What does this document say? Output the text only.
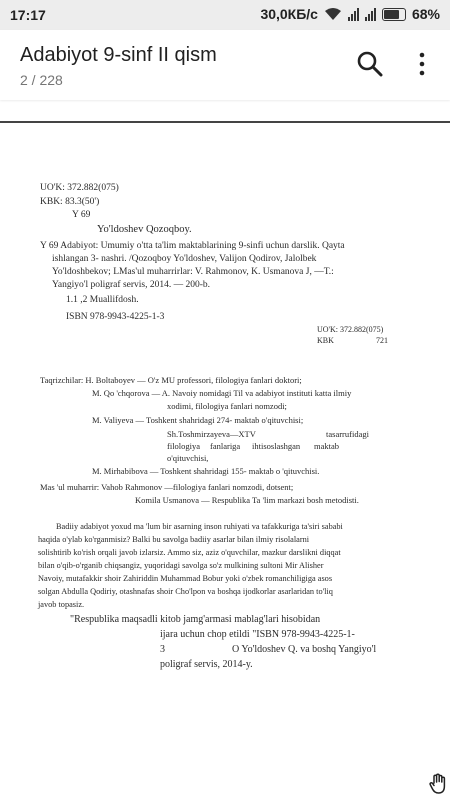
17:17	30,0КБ/с	68%
Adabiyot 9-sinf II qism
2 / 228
UO'K: 372.882(075)
KBK: 83.3(50')
Y 69
Yo'ldoshev Qozoqboy.
Y 69 Adabiyot: Umumiy o'tta ta'lim maktablarining 9-sinfi uchun darslik. Qayta
ishlangan 3- nashri. /Qozoqboy Yo'ldoshev, Valijon Qodirov, Jalolbek
Yo'ldoshbekov; LMas'ul muharrirlar: V. Rahmonov, K. Usmanova J, —T.:
Yangiyo'l poligraf servis, 2014. — 200-b.
1.1 ,2 Muallifdosh.
ISBN 978-9943-4225-1-3
UO'K: 372.882(075)
KBK	721
Taqrizchilar: H. Boltaboyev — O'z MU professori, filologiya fanlari doktori;
M. Qo 'chqorova — A. Navoiy nomidagi Til va adabiyot instituti katta ilmiy
xodimi, filologiya fanlari nomzodi;
M. Valiyeva — Toshkent shahridagi 274- maktab o'qituvchisi;
Sh.Toshmirzayeva—XTV	tasarrufidagi
filologiya fanlariga ihtisoslashgan maktab
o'qituvchisi,
M. Mirhabibova — Toshkent shahridagi 155- maktab o 'qituvchisi.
Mas 'ul muharrir: Vahob Rahmonov —filologiya fanlari nomzodi, dotsent;
Komila Usmanova — Respublika Ta 'lim markazi bosh metodisti.
Badiiy adabiyot yoxud ma 'lum bir asarning inson ruhiyati va tafakkuriga ta'siri sababi
haqida o'ylab ko'rganmisiz? Balki bu savolga badiiy asarlar bilan ilmiy risolalarni
solishtirib ko'rish orqali javob izlarsiz. Ammo siz, aziz o'quvchilar, mazkur darslikni diqqat
bilan o'qib-o'rganib chiqsangiz, yuqoridagi savolga so'z mulkining sultoni Mir Alisher
Navoiy, mutafakkir shoir Zahiriddin Muhammad Bobur yoki o'zbek romanchiligiga asos
solgan Abdulla Qodiriy, otashnafas shoir Cho'lpon va boshqa ijodkorlar asarlaridan to'liq
javob topasiz.
"Respublika maqsadli kitob jamg'armasi mablag'lari hisobidan
ijara uchun chop etildi "ISBN 978-9943-4225-1-
3	O Yo'ldoshev Q. va boshq Yangiyo'l
poligraf servis, 2014-y.
